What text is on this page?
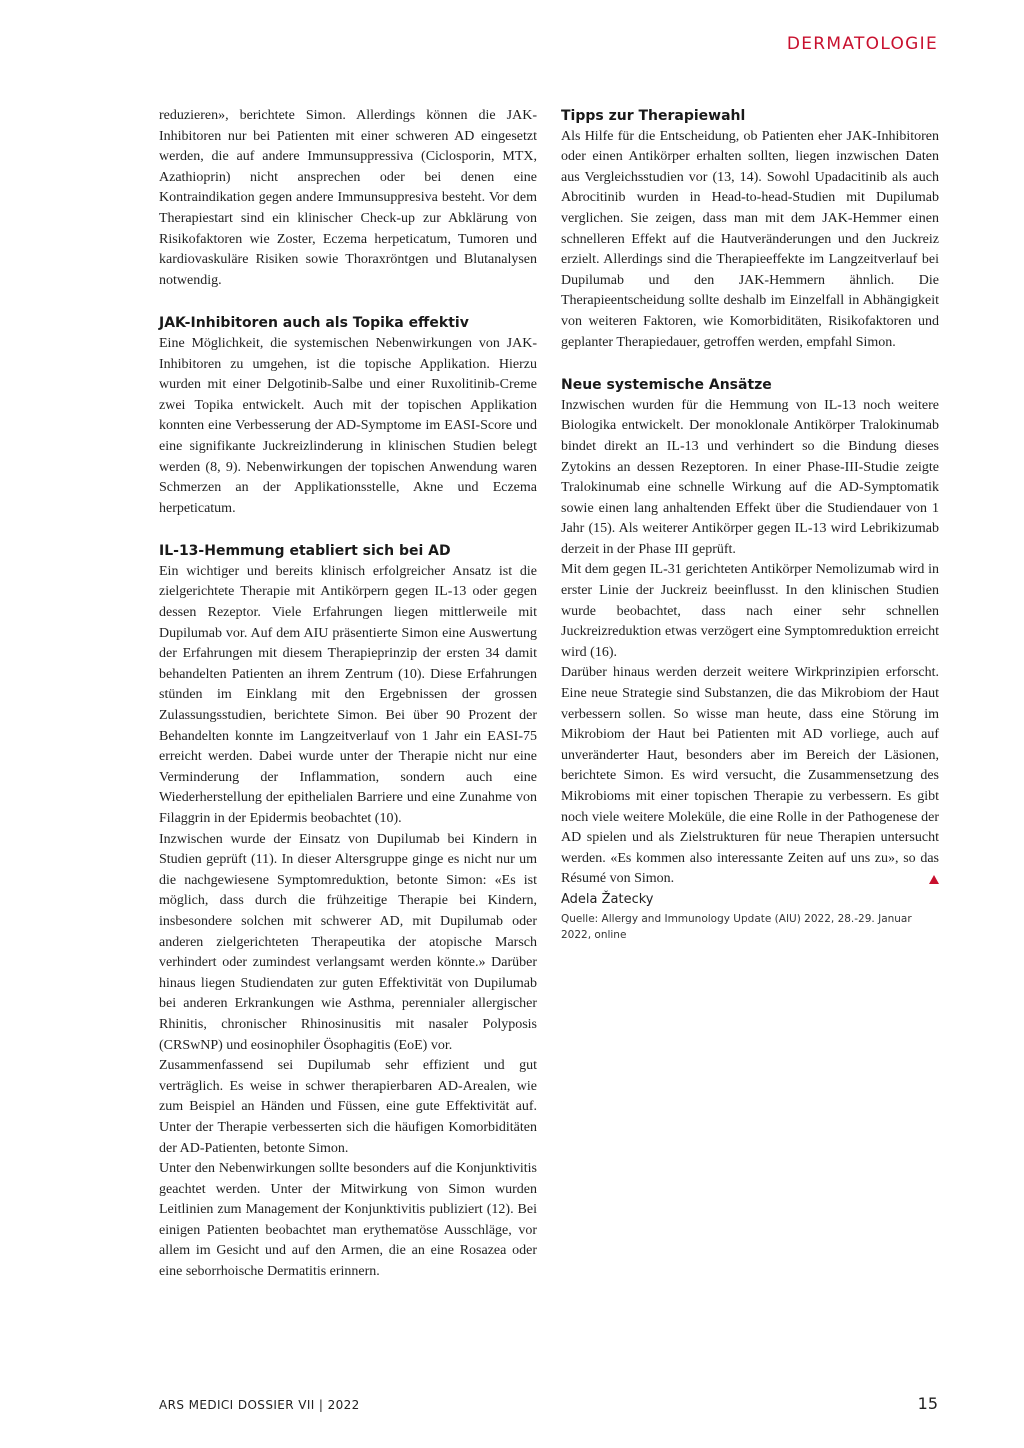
DERMATOLOGIE

reduzieren», berichtete Simon. Allerdings können die JAK-Inhibitoren nur bei Patienten mit einer schweren AD eingesetzt werden, die auf andere Immunsuppressiva (Ciclosporin, MTX, Azathioprin) nicht ansprechen oder bei denen eine Kontraindikation gegen andere Immunsuppresiva besteht. Vor dem Therapiestart sind ein klinischer Check-up zur Abklärung von Risikofaktoren wie Zoster, Eczema herpeticatum, Tumoren und kardiovaskuläre Risiken sowie Thoraxröntgen und Blutanalysen notwendig.

JAK-Inhibitoren auch als Topika effektiv

Eine Möglichkeit, die systemischen Nebenwirkungen von JAK-Inhibitoren zu umgehen, ist die topische Applikation. Hierzu wurden mit einer Delgotinib-Salbe und einer Ruxolitinib-Creme zwei Topika entwickelt. Auch mit der topischen Applikation konnten eine Verbesserung der AD-Symptome im EASI-Score und eine signifikante Juckreizlinderung in klinischen Studien belegt werden (8, 9). Nebenwirkungen der topischen Anwendung waren Schmerzen an der Applikationsstelle, Akne und Eczema herpeticatum.

IL-13-Hemmung etabliert sich bei AD

Ein wichtiger und bereits klinisch erfolgreicher Ansatz ist die zielgerichtete Therapie mit Antikörpern gegen IL-13 oder gegen dessen Rezeptor. Viele Erfahrungen liegen mittlerweile mit Dupilumab vor. Auf dem AIU präsentierte Simon eine Auswertung der Erfahrungen mit diesem Therapieprinzip der ersten 34 damit behandelten Patienten an ihrem Zentrum (10). Diese Erfahrungen stünden im Einklang mit den Ergebnissen der grossen Zulassungsstudien, berichtete Simon. Bei über 90 Prozent der Behandelten konnte im Langzeitverlauf von 1 Jahr ein EASI-75 erreicht werden. Dabei wurde unter der Therapie nicht nur eine Verminderung der Inflammation, sondern auch eine Wiederherstellung der epithelialen Barriere und eine Zunahme von Filaggrin in der Epidermis beobachtet (10).

Inzwischen wurde der Einsatz von Dupilumab bei Kindern in Studien geprüft (11). In dieser Altersgruppe ginge es nicht nur um die nachgewiesene Symptomreduktion, betonte Simon: «Es ist möglich, dass durch die frühzeitige Therapie bei Kindern, insbesondere solchen mit schwerer AD, mit Dupilumab oder anderen zielgerichteten Therapeutika der atopische Marsch verhindert oder zumindest verlangsamt werden könnte.» Darüber hinaus liegen Studiendaten zur guten Effektivität von Dupilumab bei anderen Erkrankungen wie Asthma, perennialer allergischer Rhinitis, chronischer Rhinosinusitis mit nasaler Polyposis (CRSwNP) und eosinophiler Ösophagitis (EoE) vor.

Zusammenfassend sei Dupilumab sehr effizient und gut verträglich. Es weise in schwer therapierbaren AD-Arealen, wie zum Beispiel an Händen und Füssen, eine gute Effektivität auf. Unter der Therapie verbesserten sich die häufigen Komorbiditäten der AD-Patienten, betonte Simon.

Unter den Nebenwirkungen sollte besonders auf die Konjunktivitis geachtet werden. Unter der Mitwirkung von Simon wurden Leitlinien zum Management der Konjunktivitis publiziert (12). Bei einigen Patienten beobachtet man erythematöse Ausschläge, vor allem im Gesicht und auf den Armen, die an eine Rosazea oder eine seborrhoische Dermatitis erinnern.

Tipps zur Therapiewahl

Als Hilfe für die Entscheidung, ob Patienten eher JAK-Inhibitoren oder einen Antikörper erhalten sollten, liegen inzwischen Daten aus Vergleichsstudien vor (13, 14). Sowohl Upadacitinib als auch Abrocitinib wurden in Head-to-head-Studien mit Dupilumab verglichen. Sie zeigen, dass man mit dem JAK-Hemmer einen schnelleren Effekt auf die Hautveränderungen und den Juckreiz erzielt. Allerdings sind die Therapieeffekte im Langzeitverlauf bei Dupilumab und den JAK-Hemmern ähnlich. Die Therapieentscheidung sollte deshalb im Einzelfall in Abhängigkeit von weiteren Faktoren, wie Komorbiditäten, Risikofaktoren und geplanter Therapiedauer, getroffen werden, empfahl Simon.

Neue systemische Ansätze

Inzwischen wurden für die Hemmung von IL-13 noch weitere Biologika entwickelt. Der monoklonale Antikörper Tralokinumab bindet direkt an IL-13 und verhindert so die Bindung dieses Zytokins an dessen Rezeptoren. In einer Phase-III-Studie zeigte Tralokinumab eine schnelle Wirkung auf die AD-Symptomatik sowie einen lang anhaltenden Effekt über die Studiendauer von 1 Jahr (15). Als weiterer Antikörper gegen IL-13 wird Lebrikizumab derzeit in der Phase III geprüft.

Mit dem gegen IL-31 gerichteten Antikörper Nemolizumab wird in erster Linie der Juckreiz beeinflusst. In den klinischen Studien wurde beobachtet, dass nach einer sehr schnellen Juckreizreduktion etwas verzögert eine Symptomreduktion erreicht wird (16).

Darüber hinaus werden derzeit weitere Wirkprinzipien erforscht. Eine neue Strategie sind Substanzen, die das Mikrobiom der Haut verbessern sollen. So wisse man heute, dass eine Störung im Mikrobiom der Haut bei Patienten mit AD vorliege, auch auf unveränderter Haut, besonders aber im Bereich der Läsionen, berichtete Simon. Es wird versucht, die Zusammensetzung des Mikrobioms mit einer topischen Therapie zu verbessern. Es gibt noch viele weitere Moleküle, die eine Rolle in der Pathogenese der AD spielen und als Zielstrukturen für neue Therapien untersucht werden. «Es kommen also interessante Zeiten auf uns zu», so das Résumé von Simon.

Adela Žatecky

Quelle: Allergy and Immunology Update (AIU) 2022, 28.-29. Januar 2022, online

ARS MEDICI DOSSIER VII | 2022	15
